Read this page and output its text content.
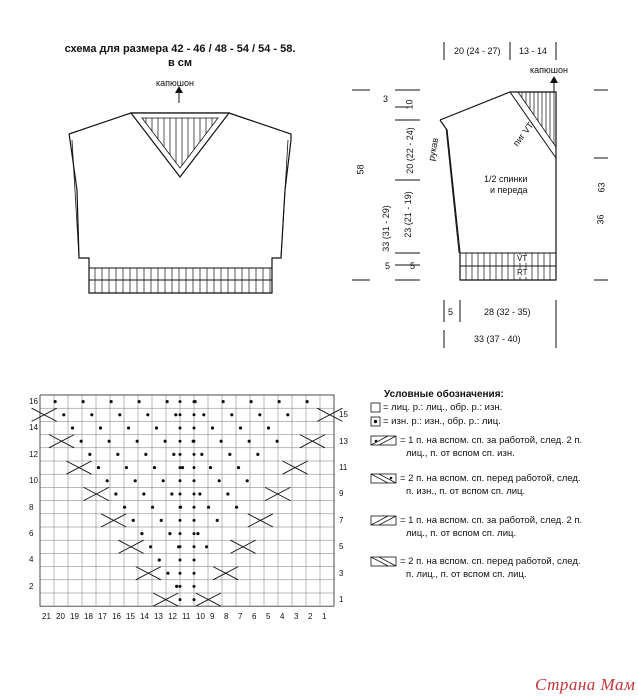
схема для размера 42 - 46 / 48 - 54 / 54 - 58.
в см
капюшон
20 (24 - 27) 13 - 14
капюшон
58
3
10
20 (22 - 24)
33 (31 - 29) 23 (21 - 19)
5 5
рукав
пиг VT
1/2 спинки
и переда
VT
RT
63
36
5	28 (32 - 35)
33 (37 - 40)
16
14
12
10
8
6
4
2
15
13
11
9
7
5
3
1
21 20 19 18 17 16 15 14 13 12 11 10 9 8 7 6 5 4 3 2 1
Условные обозначения:
= лиц. р.: лиц., обр. р.: изн.
= изн. р.: изн., обр. р.: лиц.
= 1 п. на вспом. сп. за работой, след. 2 п.
лиц., п. от вспом сп. изн.
= 2 п. на вспом. сп. перед работой, след.
п. изн., п. от вспом сп. лиц.
= 1 п. на вспом. сп. за работой, след. 2 п.
лиц., п. от вспом сп. лиц.
= 2 п. на вспом. сп. перед работой, след.
п. лиц., п. от вспом сп. лиц.
Страна Мам
